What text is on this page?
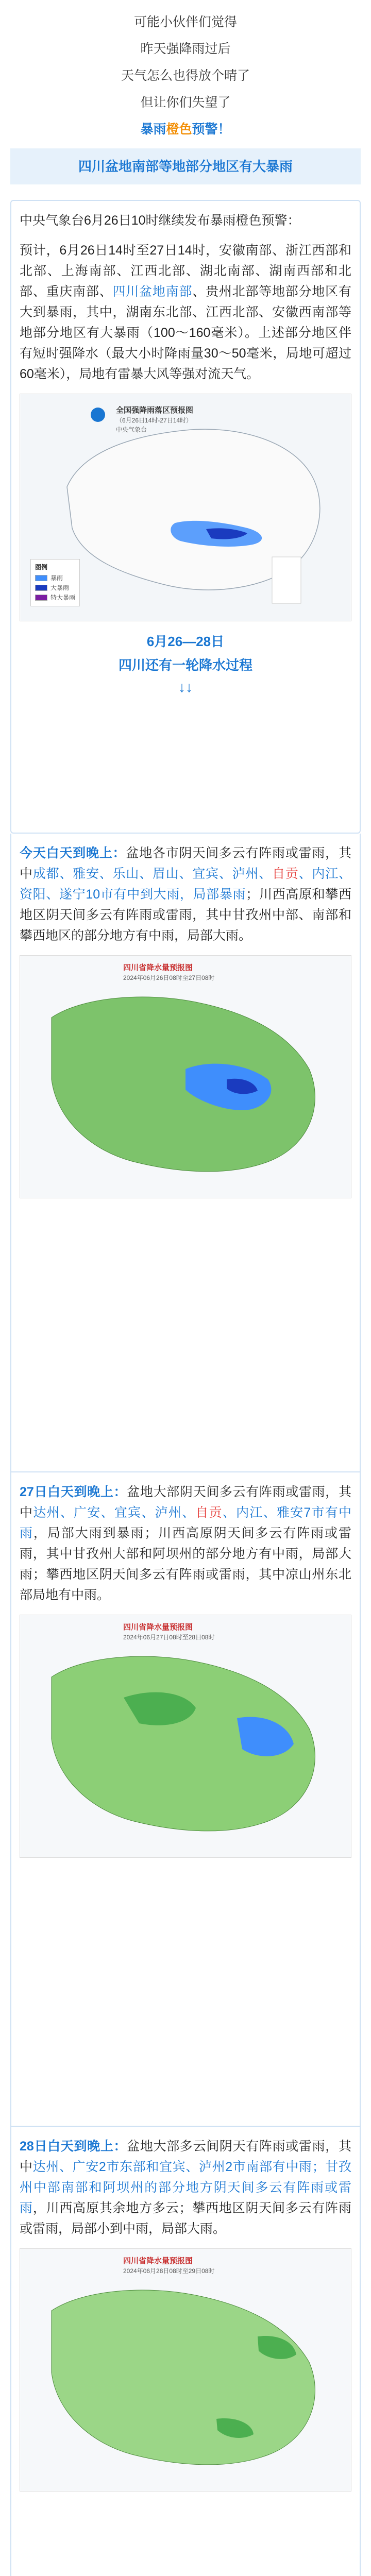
可能小伙伴们觉得

昨天强降雨过后

天气怎么也得放个晴了

但让你们失望了

暴雨橙色预警！

四川盆地南部等地部分地区有大暴雨

中央气象台6月26日10时继续发布暴雨橙色预警：

预计，6月26日14时至27日14时，安徽南部、浙江西部和北部、上海南部、江西北部、湖北南部、湖南西部和北部、重庆南部、四川盆地南部、贵州北部等地部分地区有大到暴雨，其中，湖南东北部、江西北部、安徽西南部等地部分地区有大暴雨（100～160毫米）。上述部分地区伴有短时强降水（最大小时降雨量30～50毫米，局地可超过60毫米），局地有雷暴大风等强对流天气。

全国强降雨落区预报图
（6月26日14时-27日14时）
中央气象台
图例
暴雨
大暴雨
特大暴雨
6月26—28日
四川还有一轮降水过程
↓↓

今天白天到晚上：盆地各市阴天间多云有阵雨或雷雨，其中成都、雅安、乐山、眉山、宜宾、泸州、自贡、内江、资阳、遂宁10市有中到大雨，局部暴雨；川西高原和攀西地区阴天间多云有阵雨或雷雨，其中甘孜州中部、南部和攀西地区的部分地方有中雨，局部大雨。

四川省降水量预报图
2024年06月26日08时至27日08时

27日白天到晚上：盆地大部阴天间多云有阵雨或雷雨，其中达州、广安、宜宾、泸州、自贡、内江、雅安7市有中雨，局部大雨到暴雨；川西高原阴天间多云有阵雨或雷雨，其中甘孜州大部和阿坝州的部分地方有中雨，局部大雨；攀西地区阴天间多云有阵雨或雷雨，其中凉山州东北部局地有中雨。

四川省降水量预报图
2024年06月27日08时至28日08时

28日白天到晚上：盆地大部多云间阴天有阵雨或雷雨，其中达州、广安2市东部和宜宾、泸州2市南部有中雨；甘孜州中部南部和阿坝州的部分地方阴天间多云有阵雨或雷雨，川西高原其余地方多云；攀西地区阴天间多云有阵雨或雷雨，局部小到中雨，局部大雨。

四川省降水量预报图
2024年06月28日08时至29日08时
